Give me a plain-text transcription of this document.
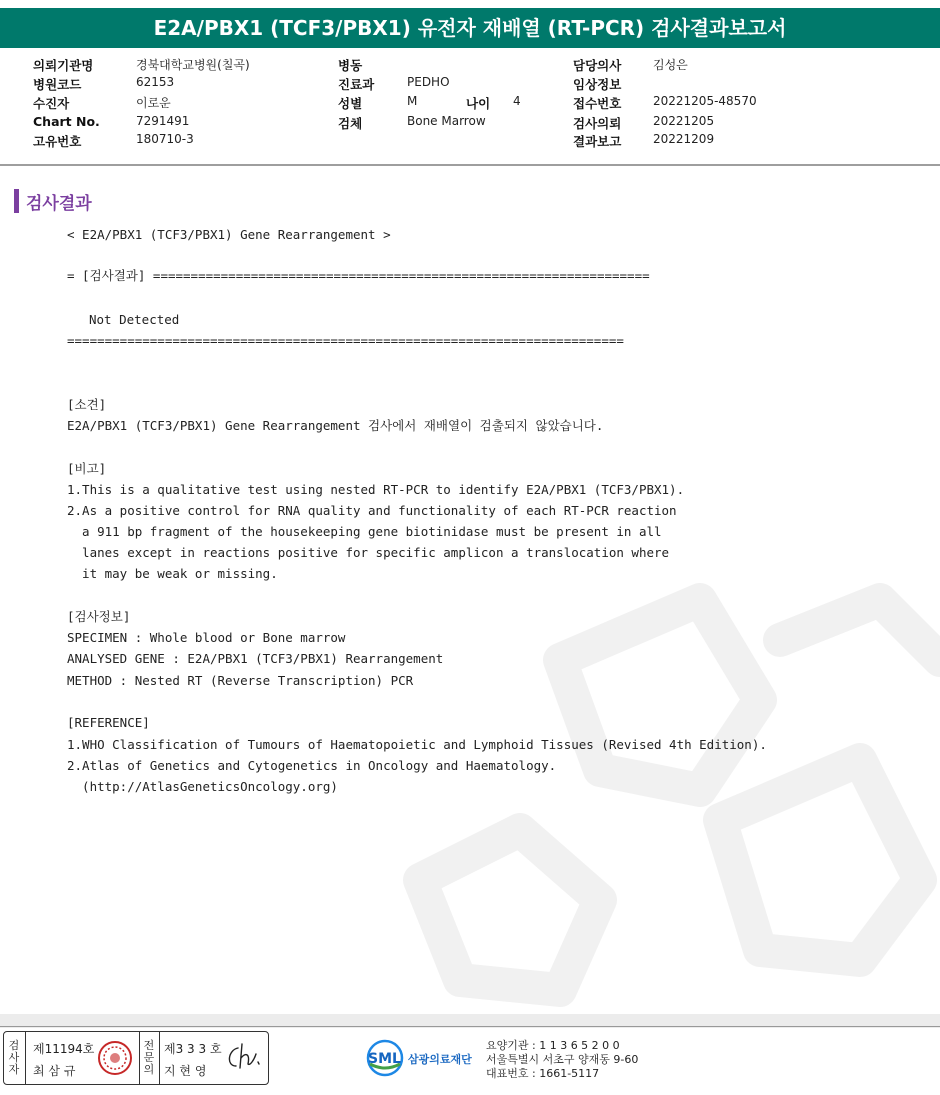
E2A/PBX1 (TCF3/PBX1) 유전자 재배열 (RT-PCR) 검사결과보고서
의뢰기관명	경북대학교병원(칠곡)	병동	담당의사	김성은
병원코드	62153	진료과	PEDHO	임상정보
수진자	이로운	성별	M	나이 4	접수번호	20221205-48570
Chart No.	7291491	검체	Bone Marrow	검사의뢰	20221205
고유번호	180710-3	결과보고	20221209
검사결과
< E2A/PBX1 (TCF3/PBX1) Gene Rearrangement >
= [검사결과] ==================================================================
Not Detected
==========================================================================
[소견]
E2A/PBX1 (TCF3/PBX1) Gene Rearrangement 검사에서 재배열이 검출되지 않았습니다.
[비고]
1.This is a qualitative test using nested RT-PCR to identify E2A/PBX1 (TCF3/PBX1).
2.As a positive control for RNA quality and functionality of each RT-PCR reaction
a 911 bp fragment of the housekeeping gene biotinidase must be present in all
lanes except in reactions positive for specific amplicon a translocation where
it may be weak or missing.
[검사정보]
SPECIMEN : Whole blood or Bone marrow
ANALYSED GENE : E2A/PBX1 (TCF3/PBX1) Rearrangement
METHOD : Nested RT (Reverse Transcription) PCR
[REFERENCE]
1.WHO Classification of Tumours of Haematopoietic and Lymphoid Tissues (Revised 4th Edition).
2.Atlas of Genetics and Cytogenetics in Oncology and Haematology.
(http://AtlasGeneticsOncology.org)
검
사
자
제11194호
최 삼 규
전
문
의
제3 3 3 호
지 현 영
SML 삼광의료재단
요양기관 : 1 1 3 6 5 2 0 0
서울특별시 서초구 양재동 9-60
대표번호 : 1661-5117
